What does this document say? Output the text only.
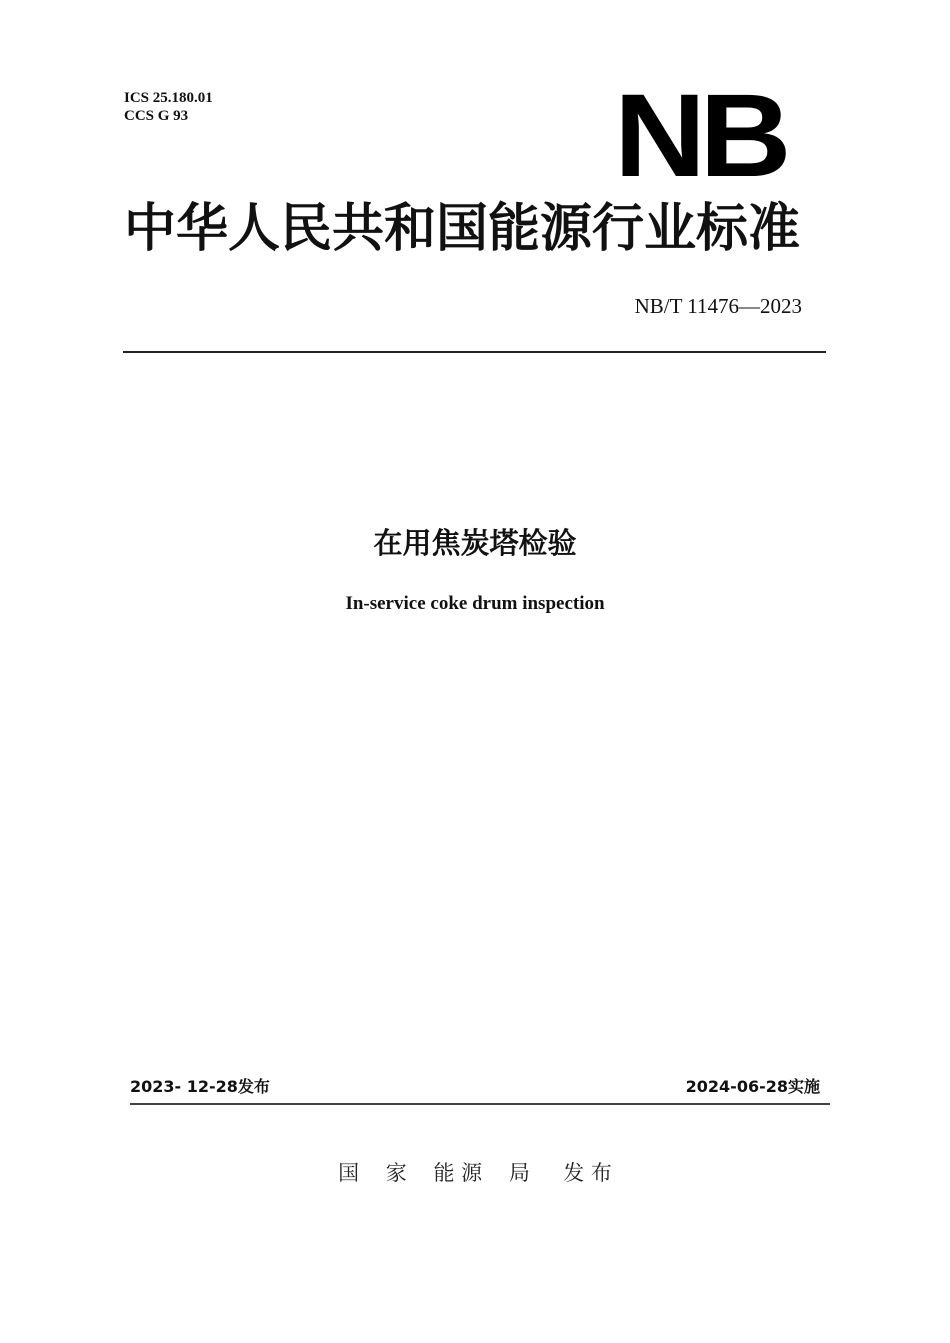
ICS 25.180.01
CCS G 93	NB
中华人民共和国能源行业标准
NB/T 11476—2023
在用焦炭塔检验
In-service coke drum inspection
2023- 12-28发布	2024-06-28实施
国    家    能 源    局     发 布
